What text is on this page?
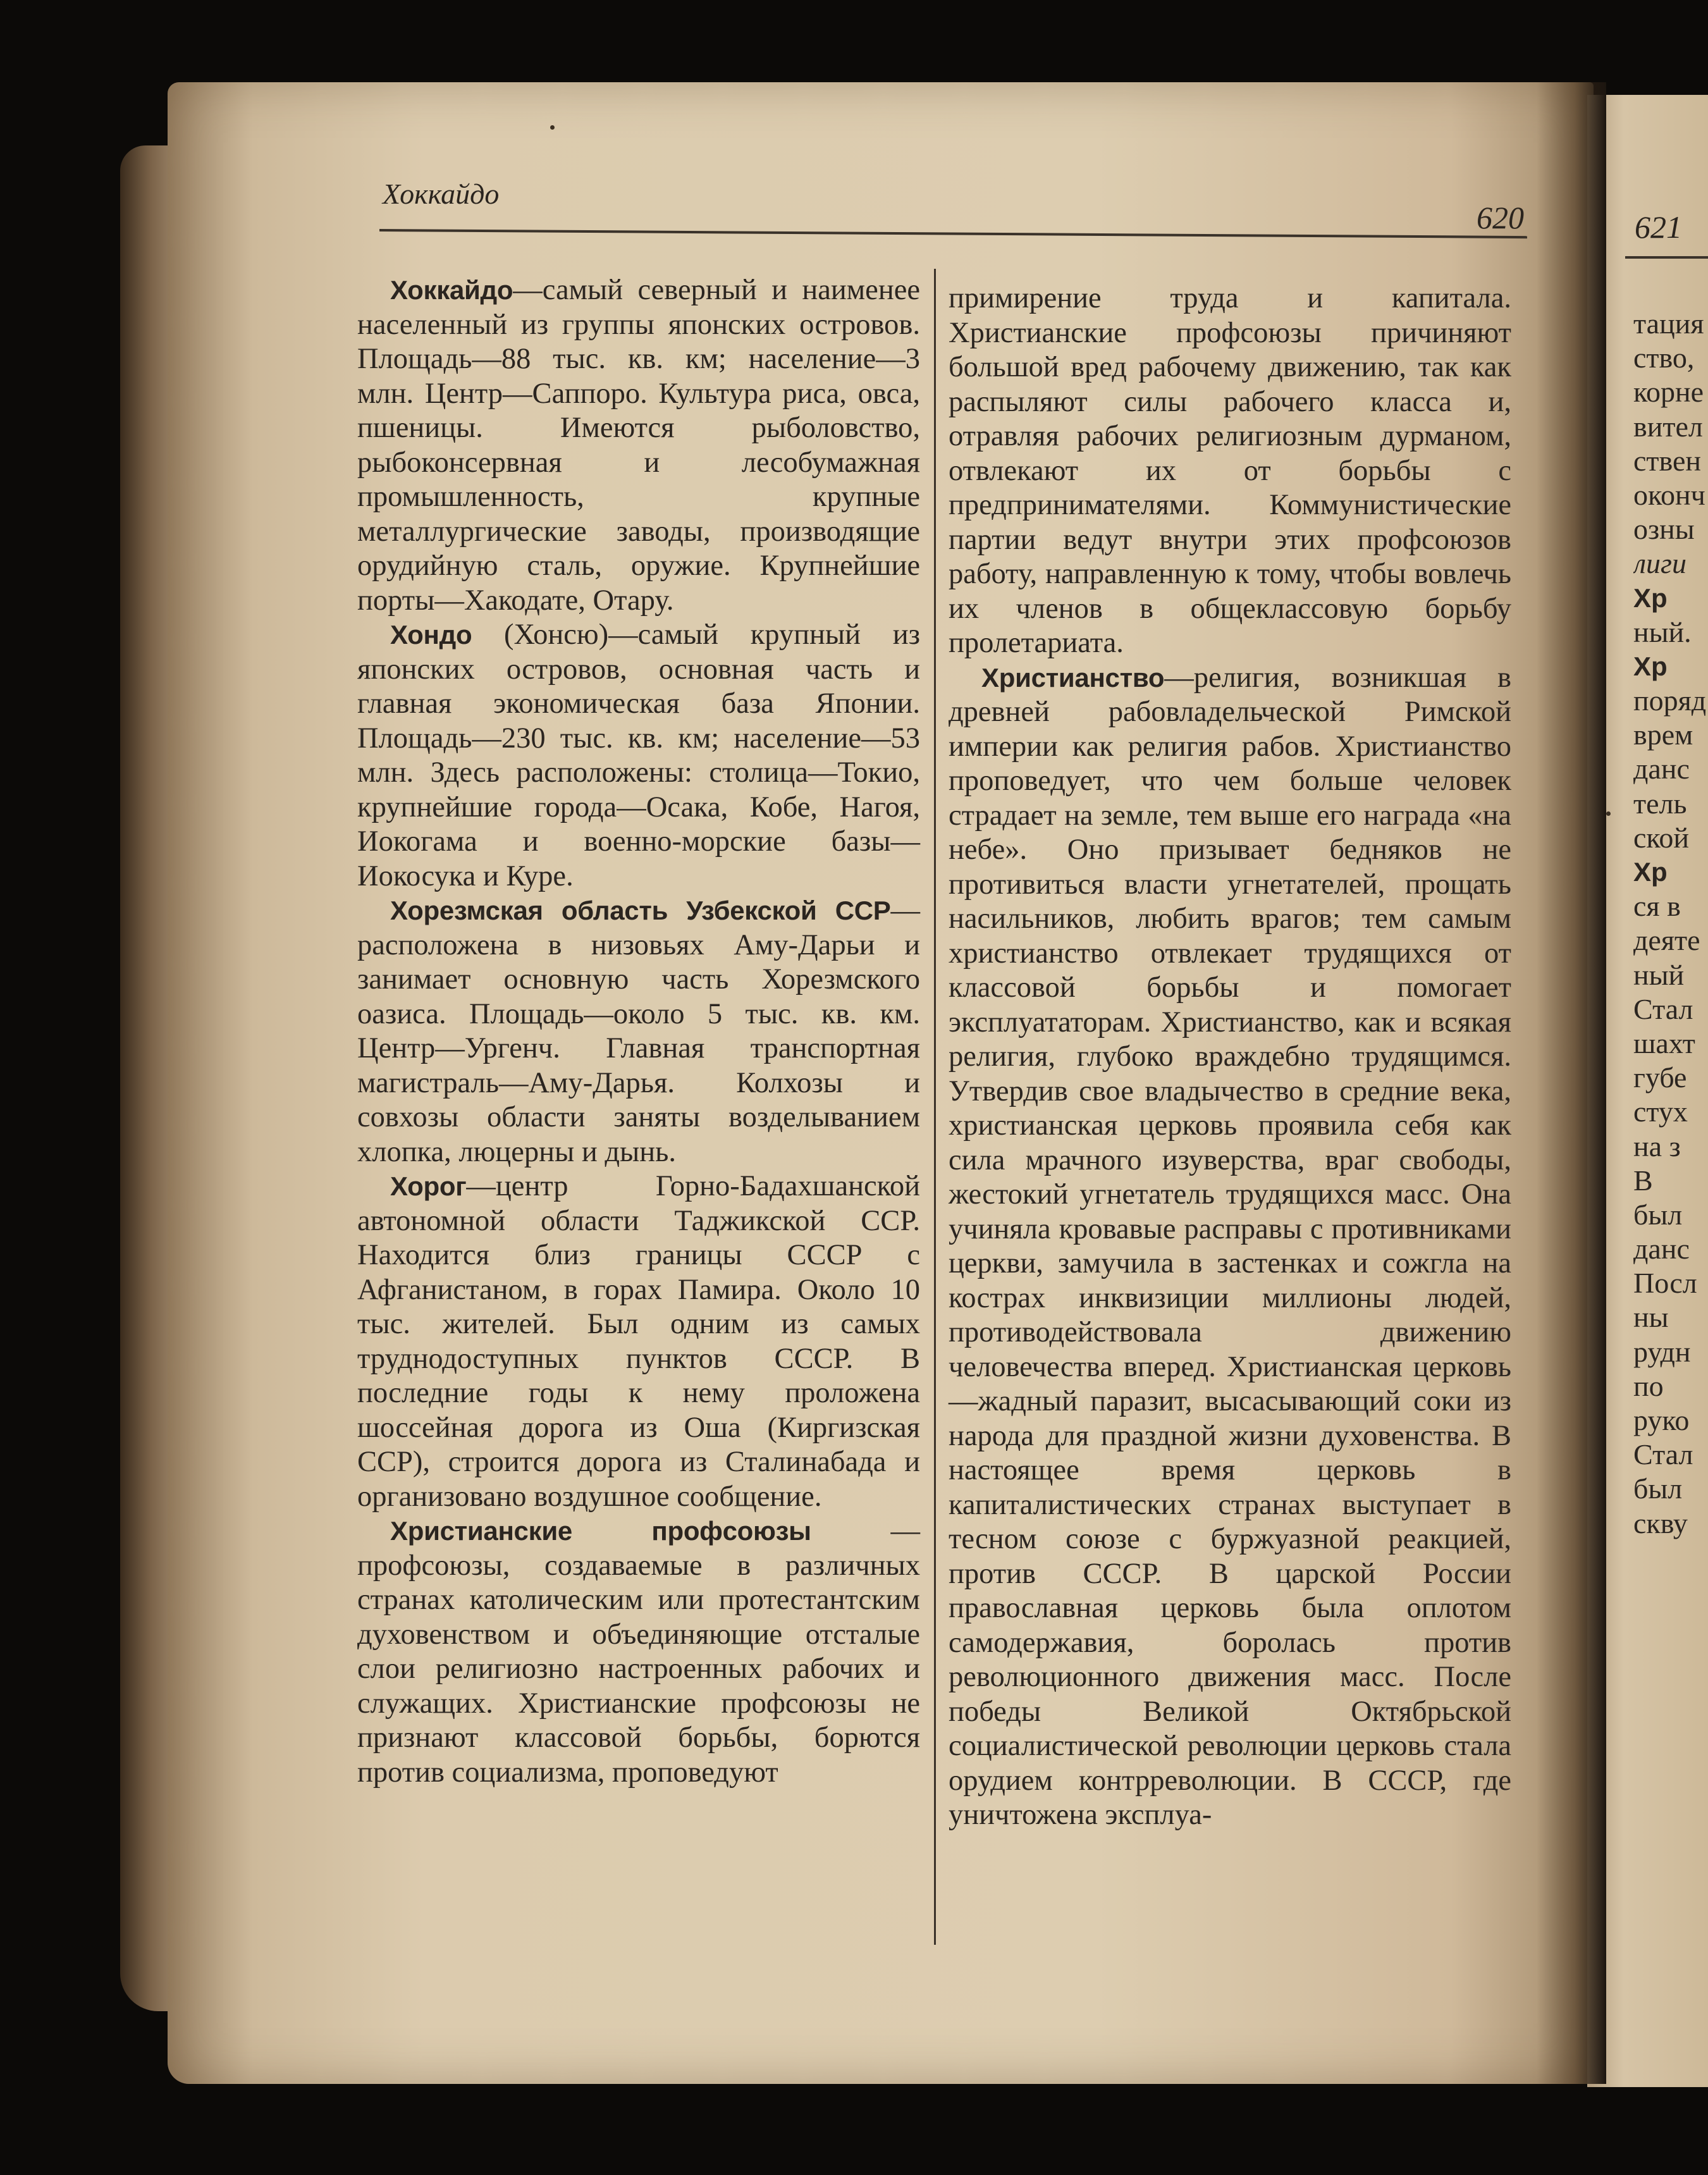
Хоккайдо
620

Хоккайдо—самый северный и наименее населенный из группы японских островов. Площадь—88 тыс. кв. км; население—3 млн. Центр—Саппоро. Культура риса, овса, пшеницы. Имеются рыболовство, рыбоконсервная и лесобумажная промышленность, крупные металлургические заводы, производящие орудийную сталь, оружие. Крупнейшие порты—Хакодате, Отару.

Хондо (Хонсю)—самый крупный из японских островов, основная часть и главная экономическая база Японии. Площадь—230 тыс. кв. км; население—53 млн. Здесь расположены: столица—Токио, крупнейшие города—Осака, Кобе, Нагоя, Иокогама и военно-морские базы—Иокосука и Куре.

Хорезмская область Узбекской ССР—расположена в низовьях Аму-Дарьи и занимает основную часть Хорезмского оазиса. Площадь—около 5 тыс. кв. км. Центр—Ургенч. Главная транспортная магистраль—Аму-Дарья. Колхозы и совхозы области заняты возделыванием хлопка, люцерны и дынь.

Хорог—центр Горно-Бадахшанской автономной области Таджикской ССР. Находится близ границы СССР с Афганистаном, в горах Памира. Около 10 тыс. жителей. Был одним из самых труднодоступных пунктов СССР. В последние годы к нему проложена шоссейная дорога из Оша (Киргизская ССР), строится дорога из Сталинабада и организовано воздушное сообщение.

Христианские профсоюзы — профсоюзы, создаваемые в различных странах католическим или протестантским духовенством и объединяющие отсталые слои религиозно настроенных рабочих и служащих. Христианские профсоюзы не признают классовой борьбы, борются против социализма, проповедуют

примирение труда и капитала. Христианские профсоюзы причиняют большой вред рабочему движению, так как распыляют силы рабочего класса и, отравляя рабочих религиозным дурманом, отвлекают их от борьбы с предпринимателями. Коммунистические партии ведут внутри этих профсоюзов работу, направленную к тому, чтобы вовлечь их членов в общеклассовую борьбу пролетариата.

Христианство—религия, возникшая в древней рабовладельческой Римской империи как религия рабов. Христианство проповедует, что чем больше человек страдает на земле, тем выше его награда «на небе». Оно призывает бедняков не противиться власти угнетателей, прощать насильников, любить врагов; тем самым христианство отвлекает трудящихся от классовой борьбы и помогает эксплуататорам. Христианство, как и всякая религия, глубоко враждебно трудящимся. Утвердив свое владычество в средние века, христианская церковь проявила себя как сила мрачного изуверства, враг свободы, жестокий угнетатель трудящихся масс. Она учиняла кровавые расправы с противниками церкви, замучила в застенках и сожгла на кострах инквизиции миллионы людей, противодействовала движению человечества вперед. Христианская церковь—жадный паразит, высасывающий соки из народа для праздной жизни духовенства. В настоящее время церковь в капиталистических странах выступает в тесном союзе с буржуазной реакцией, против СССР. В царской России православная церковь была оплотом самодержавия, боролась против революционного движения масс. После победы Великой Октябрьской социалистической революции церковь стала орудием контрреволюции. В СССР, где уничтожена эксплуа-

621
тация
ство,
корне
вител
ствен
оконч
озны
лиги
Хр
ный.
Хр
поряд
врем
данс
тель
ской
Хр
ся в
деяте
ный
Стал
шахт
губе
стух
на з
В
был
данс
Посл
ны
рудн
по
руко
Стал
был
скву
